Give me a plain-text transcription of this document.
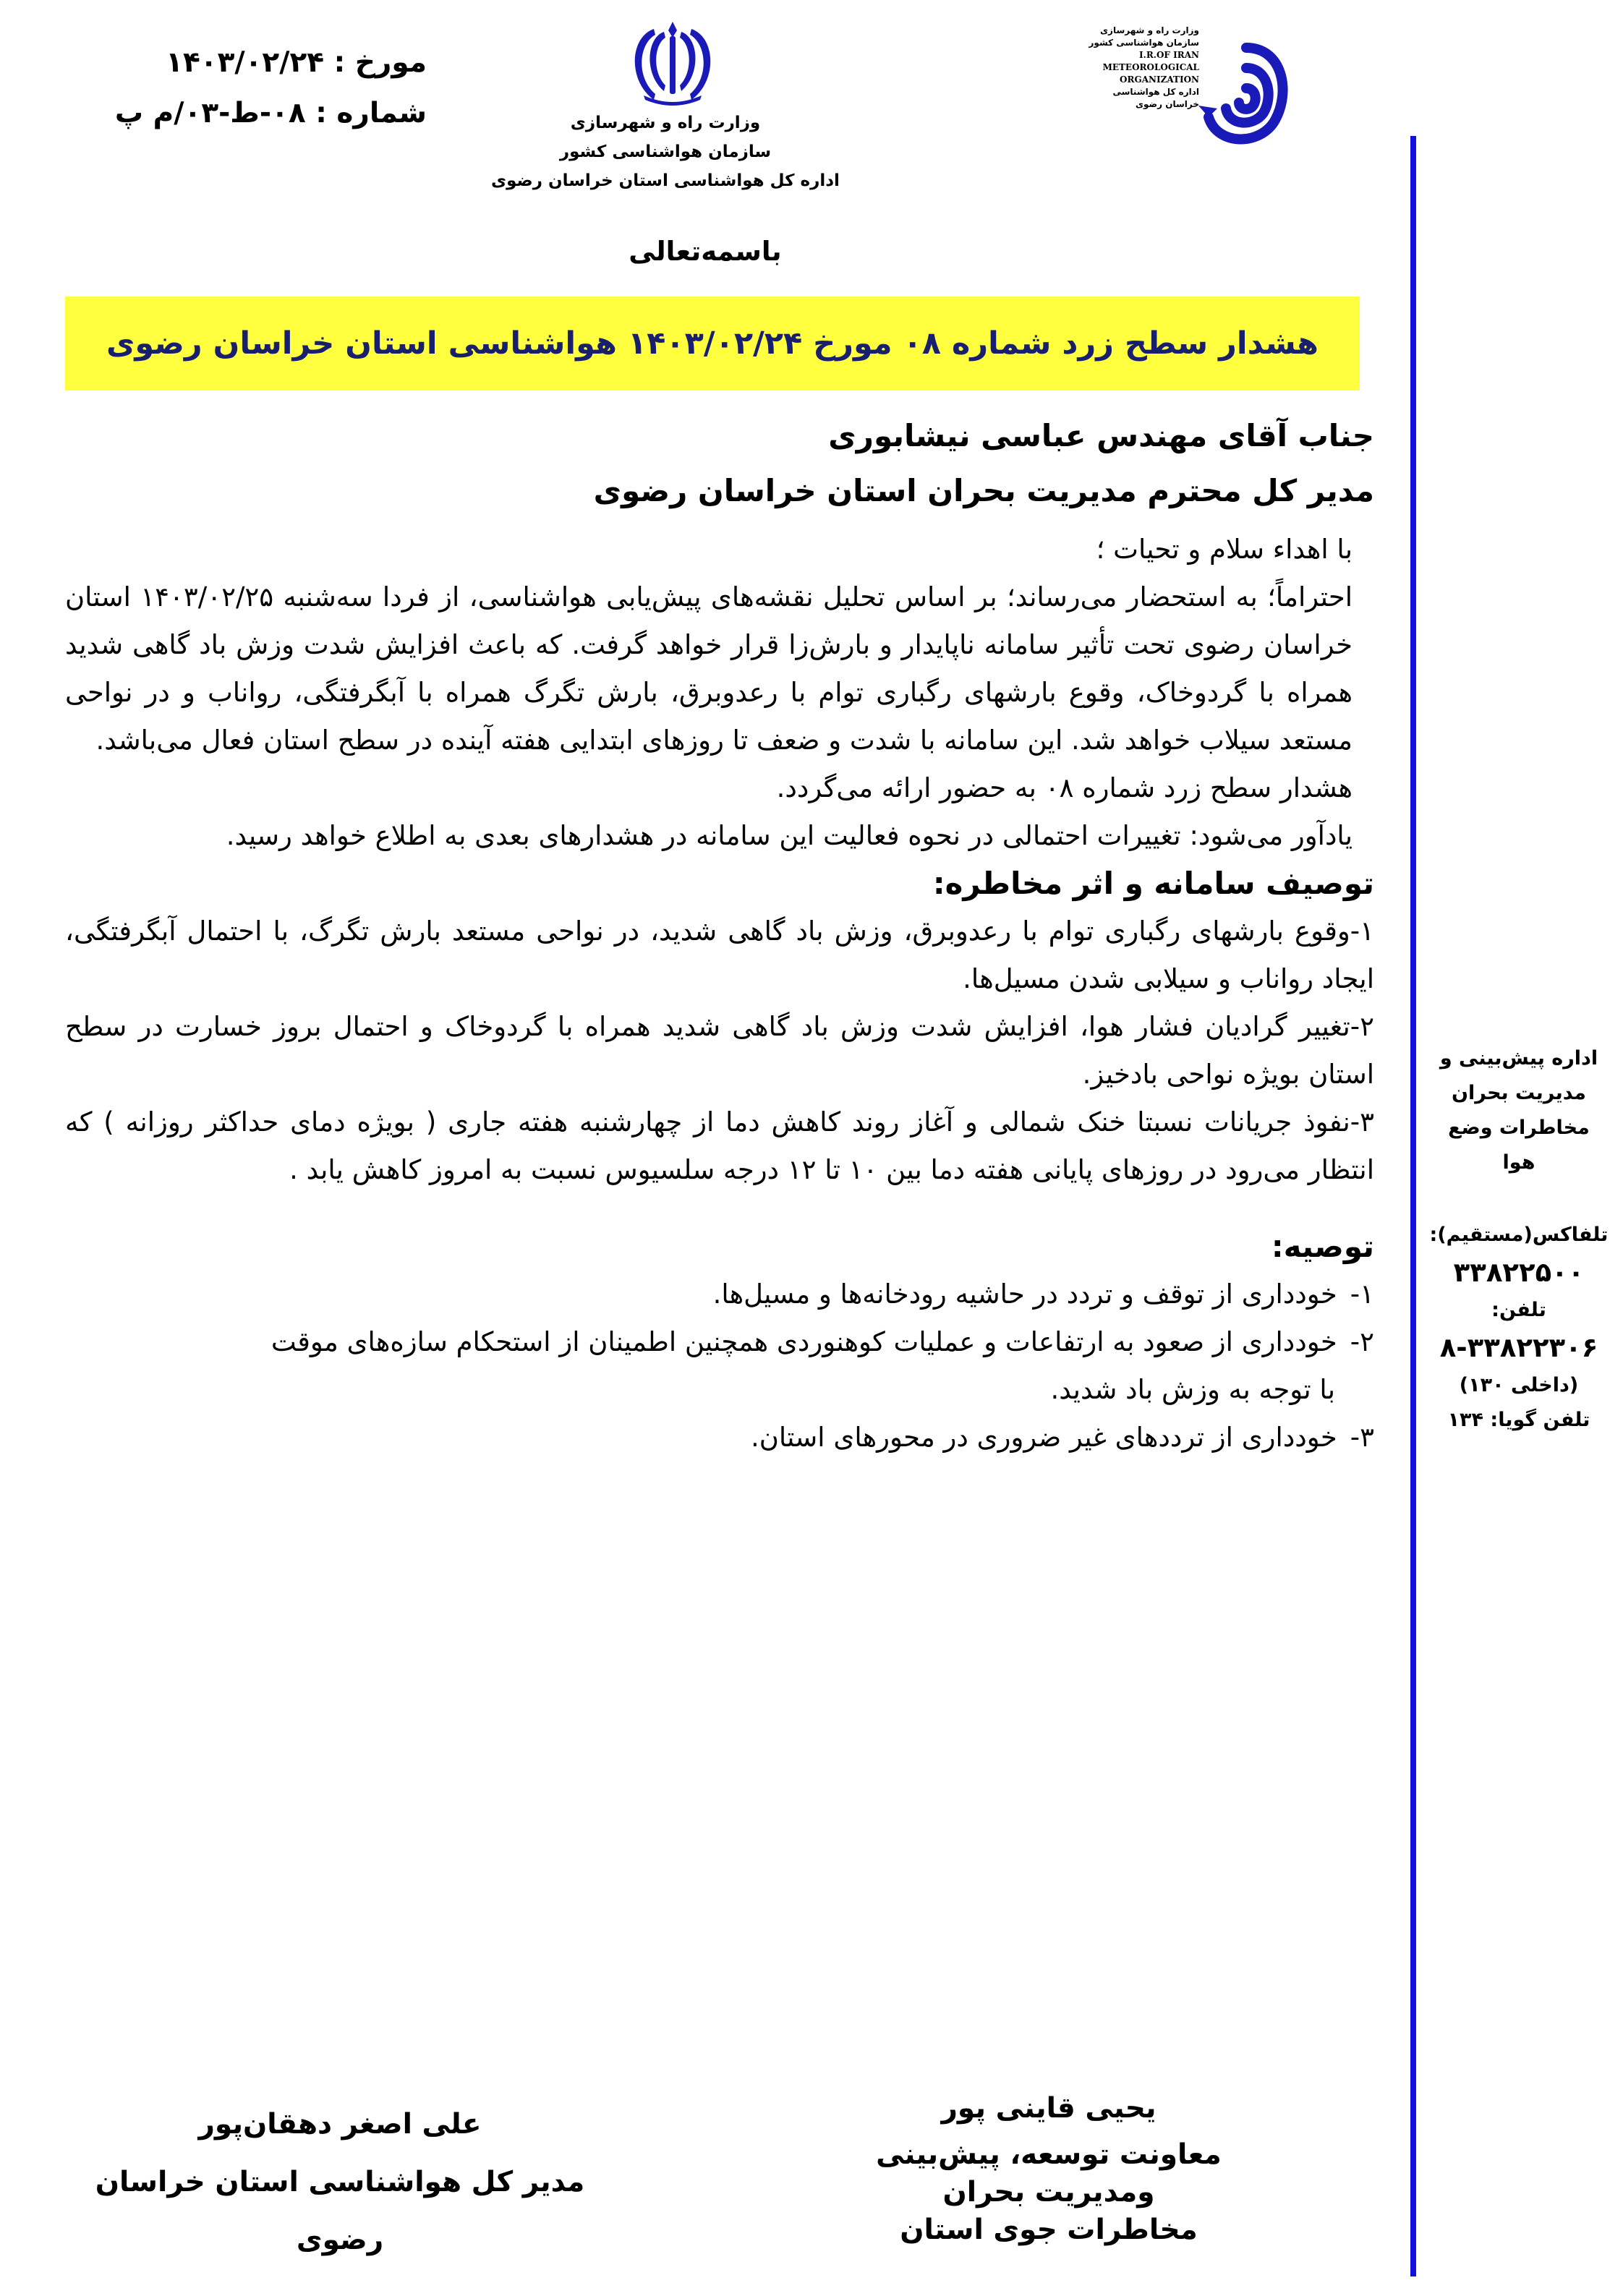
مورخ : ۱۴۰۳/۰۲/۲۴
شماره : ۰۸-ط-۰۳/م پ	وزارت راه و شهرسازی
سازمان هواشناسی کشور
اداره کل هواشناسی استان خراسان رضوی
وزارت راه و شهرسازی
سازمان هواشناسی کشور
I.R.OF IRAN
METEOROLOGICAL
ORGANIZATION
اداره کل هواشناسی
خراسان رضوی
باسمه‌تعالی
هشدار سطح زرد شماره ۰۸ مورخ ۱۴۰۳/۰۲/۲۴ هواشناسی استان خراسان رضوی

جناب آقای مهندس عباسی نیشابوری

مدیر کل محترم مدیریت بحران استان خراسان رضوی

با اهداء سلام و تحیات ؛

احتراماً؛ به استحضار می‌رساند؛ بر اساس تحلیل نقشه‌های پیش‌یابی هواشناسی، از فردا سه‌شنبه ۱۴۰۳/۰۲/۲۵ استان خراسان رضوی تحت تأثیر سامانه ناپایدار و بارش‌زا قرار خواهد گرفت. که باعث افزایش شدت وزش باد گاهی شدید همراه با گردوخاک، وقوع بارشهای رگباری توام با رعدوبرق، بارش تگرگ همراه با آبگرفتگی، رواناب و در نواحی مستعد سیلاب خواهد شد. این سامانه با شدت و ضعف تا روزهای ابتدایی هفته آینده در سطح استان فعال می‌باشد.

هشدار سطح زرد شماره ۰۸ به حضور ارائه می‌گردد.

یادآور می‌شود: تغییرات احتمالی در نحوه فعالیت این سامانه در هشدارهای بعدی به اطلاع خواهد رسید.

توصیف سامانه و اثر مخاطره:

۱-وقوع بارشهای رگباری توام با رعدوبرق، وزش باد گاهی شدید، در نواحی مستعد بارش تگرگ، با احتمال آبگرفتگی، ایجاد رواناب و سیلابی شدن مسیل‌ها.

۲-تغییر گرادیان فشار هوا، افزایش شدت وزش باد گاهی شدید همراه با گردوخاک و احتمال بروز خسارت در سطح استان بویژه نواحی بادخیز.

۳-نفوذ جریانات نسبتا خنک شمالی و آغاز روند کاهش دما از چهارشنبه هفته جاری ( بویژه دمای حداکثر روزانه ) که انتظار می‌رود در روزهای پایانی هفته دما بین ۱۰ تا ۱۲ درجه سلسیوس نسبت به امروز کاهش یابد .

توصیه:

۱-خودداری از توقف و تردد در حاشیه رودخانه‌ها و مسیل‌ها.
۲-خودداری از صعود به ارتفاعات و عملیات کوهنوردی همچنین اطمینان از استحکام سازه‌های موقت
با توجه به وزش باد شدید.
۳-خودداری از ترددهای غیر ضروری در محورهای استان.
اداره پیش‌بینی و
مدیریت بحران
مخاطرات وضع
هوا
تلفاکس(مستقیم):
۳۳۸۲۲۵۰۰
تلفن:
۸-۳۳۸۲۲۳۰۶
(داخلی ۱۳۰)
تلفن گویا: ۱۳۴
علی اصغر دهقان‌پور
مدیر کل هواشناسی استان خراسان رضوی
یحیی قاینی پور
معاونت توسعه، پیش‌بینی ومدیریت بحران
مخاطرات جوی استان
